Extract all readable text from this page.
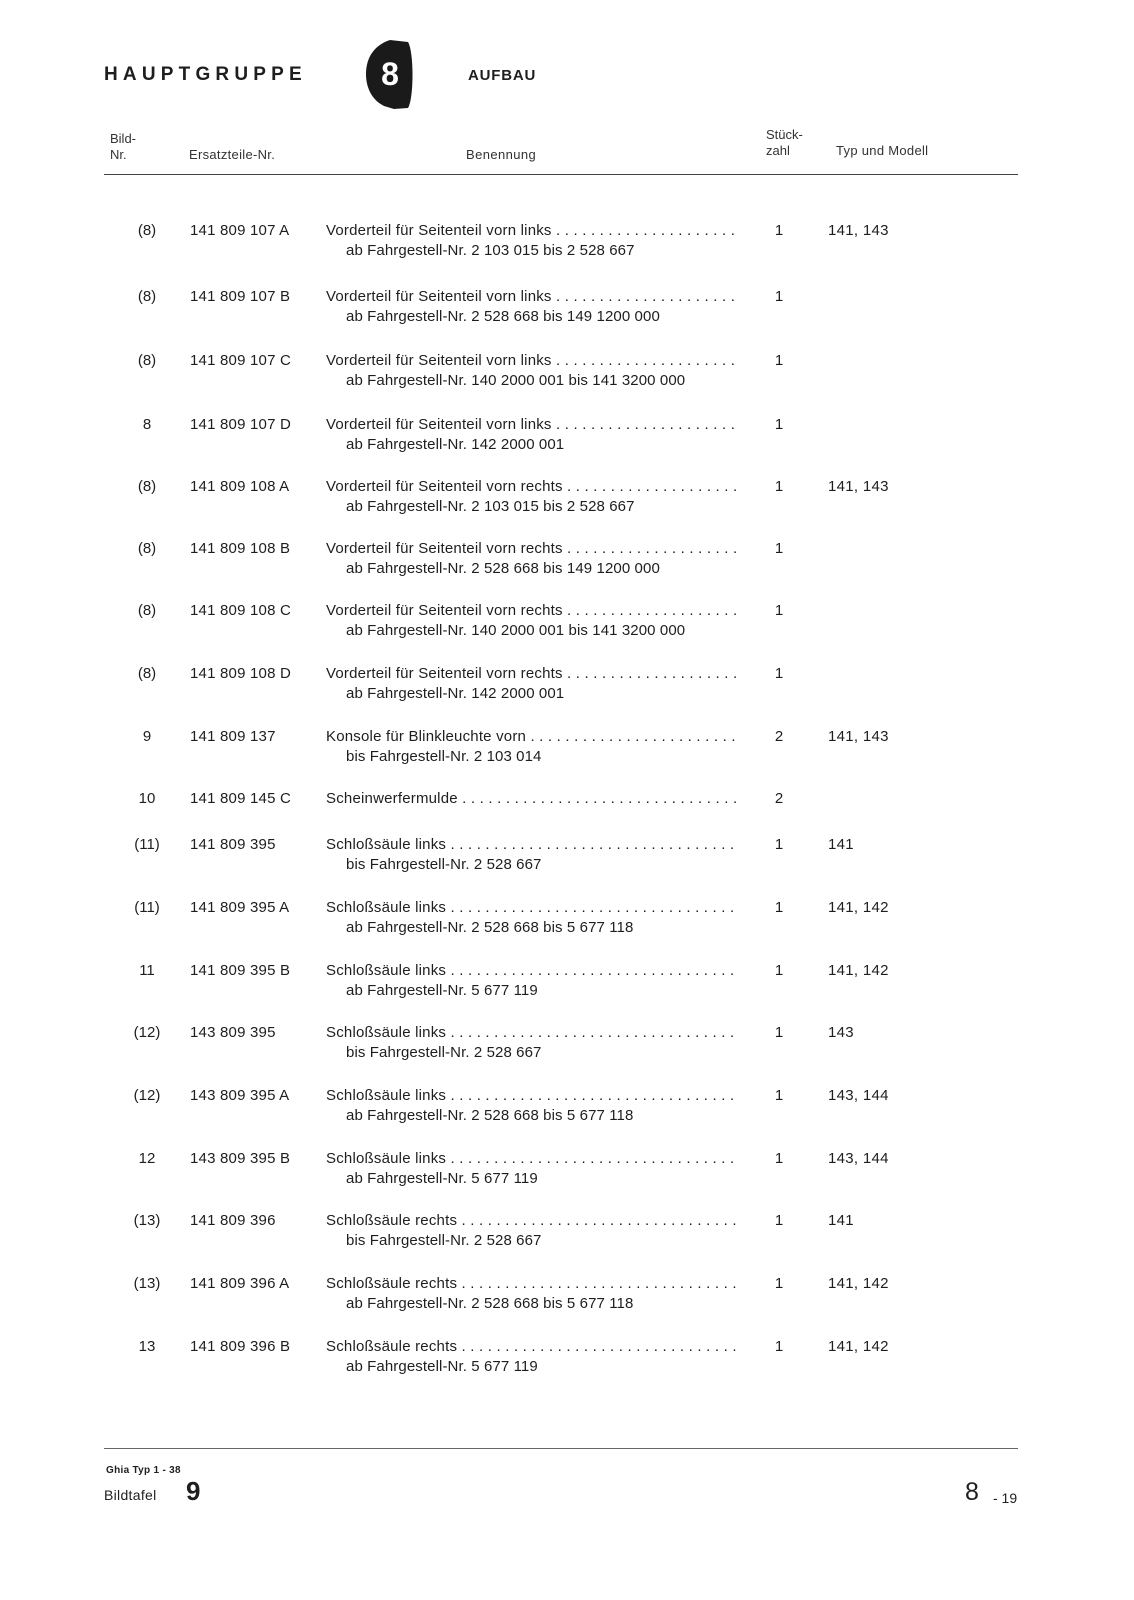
HAUPTGRUPPE 8	AUFBAU
Bild-
Nr.	Ersatzteile-Nr.	Benennung
Stück-
zahl	Typ und Modell
(8)	141 809 107 A Vorderteil für Seitenteil vorn links . . .
ab Fahrgestell-Nr. 2 103 015 bis 2 528 667
1	141, 143
(8)	141 809 107 B Vorderteil für Seitenteil vorn links . . .
ab Fahrgestell-Nr. 2 528 668 bis 149 1200 000
1
(8)	141 809 107 C Vorderteil für Seitenteil vorn links . . .
ab Fahrgestell-Nr. 140 2000 001 bis 141 3200 000
1
8	141 809 107 D Vorderteil für Seitenteil vorn links . . .
ab Fahrgestell-Nr. 142 2000 001
1
(8)	141 809 108 A Vorderteil für Seitenteil vorn rechts . . .
ab Fahrgestell-Nr. 2 103 015 bis 2 528 667
1	141, 143
(8)	141 809 108 B Vorderteil für Seitenteil vorn rechts . . .
ab Fahrgestell-Nr. 2 528 668 bis 149 1200 000
1
(8)	141 809 108 C Vorderteil für Seitenteil vorn rechts . . .
ab Fahrgestell-Nr. 140 2000 001 bis 141 3200 000
1
(8)	141 809 108 D Vorderteil für Seitenteil vorn rechts . . .
ab Fahrgestell-Nr. 142 2000 001
1
9	141 809 137	Konsole für Blinkleuchte vorn . . .
bis Fahrgestell-Nr. 2 103 014
2	141, 143
10	141 809 145 C Scheinwerfermulde . . .	2
(11)	141 809 395	Schloßsäule links . . .
bis Fahrgestell-Nr. 2 528 667
1	141
(11)	141 809 395 A Schloßsäule links . . .
ab Fahrgestell-Nr. 2 528 668 bis 5 677 118
1	141, 142
11	141 809 395 B Schloßsäule links . . .
ab Fahrgestell-Nr. 5 677 119
1	141, 142
(12)	143 809 395	Schloßsäule links . . .
bis Fahrgestell-Nr. 2 528 667
1	143
(12)	143 809 395 A Schloßsäule links . . .
ab Fahrgestell-Nr. 2 528 668 bis 5 677 118
1	143, 144
12	143 809 395 B Schloßsäule links . . .
ab Fahrgestell-Nr. 5 677 119
1	143, 144
(13)	141 809 396	Schloßsäule rechts . . .
bis Fahrgestell-Nr. 2 528 667
1	141
(13)	141 809 396 A Schloßsäule rechts . . .
ab Fahrgestell-Nr. 2 528 668 bis 5 677 118
1	141, 142
13	141 809 396 B Schloßsäule rechts . . .
ab Fahrgestell-Nr. 5 677 119
1	141, 142
Ghia Typ 1 - 38
Bildtafel 9	8 - 19
